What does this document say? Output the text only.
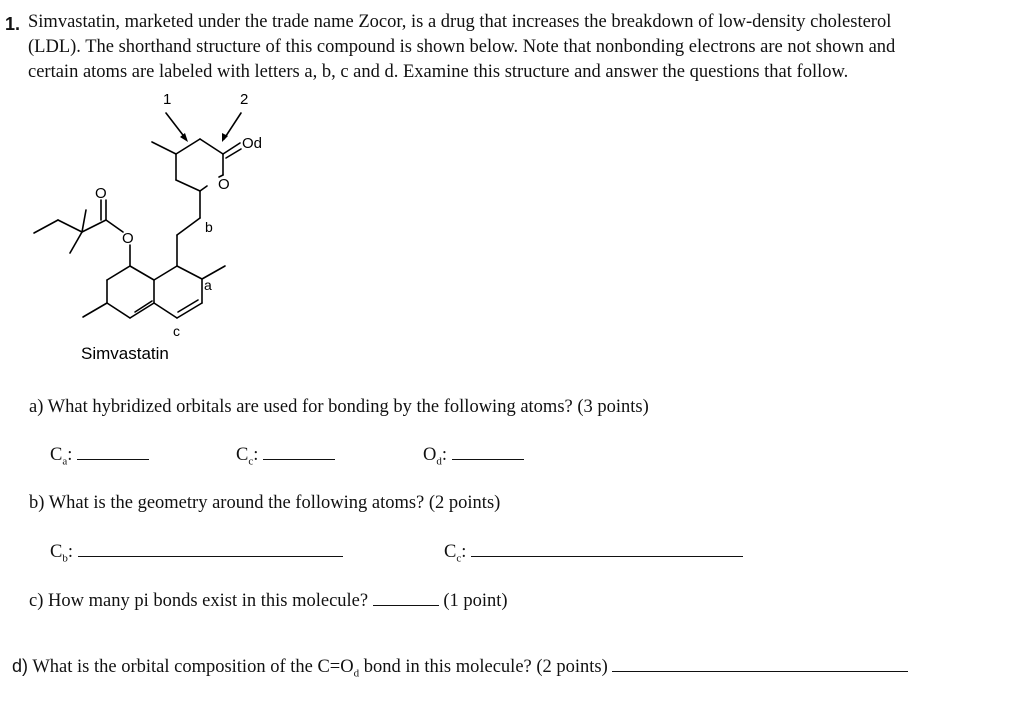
1. Simvastatin, marketed under the trade name Zocor, is a drug that increases the breakdown of low-density cholesterol
(LDL). The shorthand structure of this compound is shown below. Note that nonbonding electrons are not shown and
certain atoms are labeled with letters a, b, c and d. Examine this structure and answer the questions that follow.
1	2
Od
O
b
a
c
O
O
Simvastatin
a) What hybridized orbitals are used for bonding by the following atoms? (3 points)
$C_a$:	$C_c$:	$O_d$:
b) What is the geometry around the following atoms? (2 points)
$C_b$:	$C_c$:
c) How many pi bonds exist in this molecule?	(1 point)
d) What is the orbital composition of the $C=O_d$ bond in this molecule? (2 points)
